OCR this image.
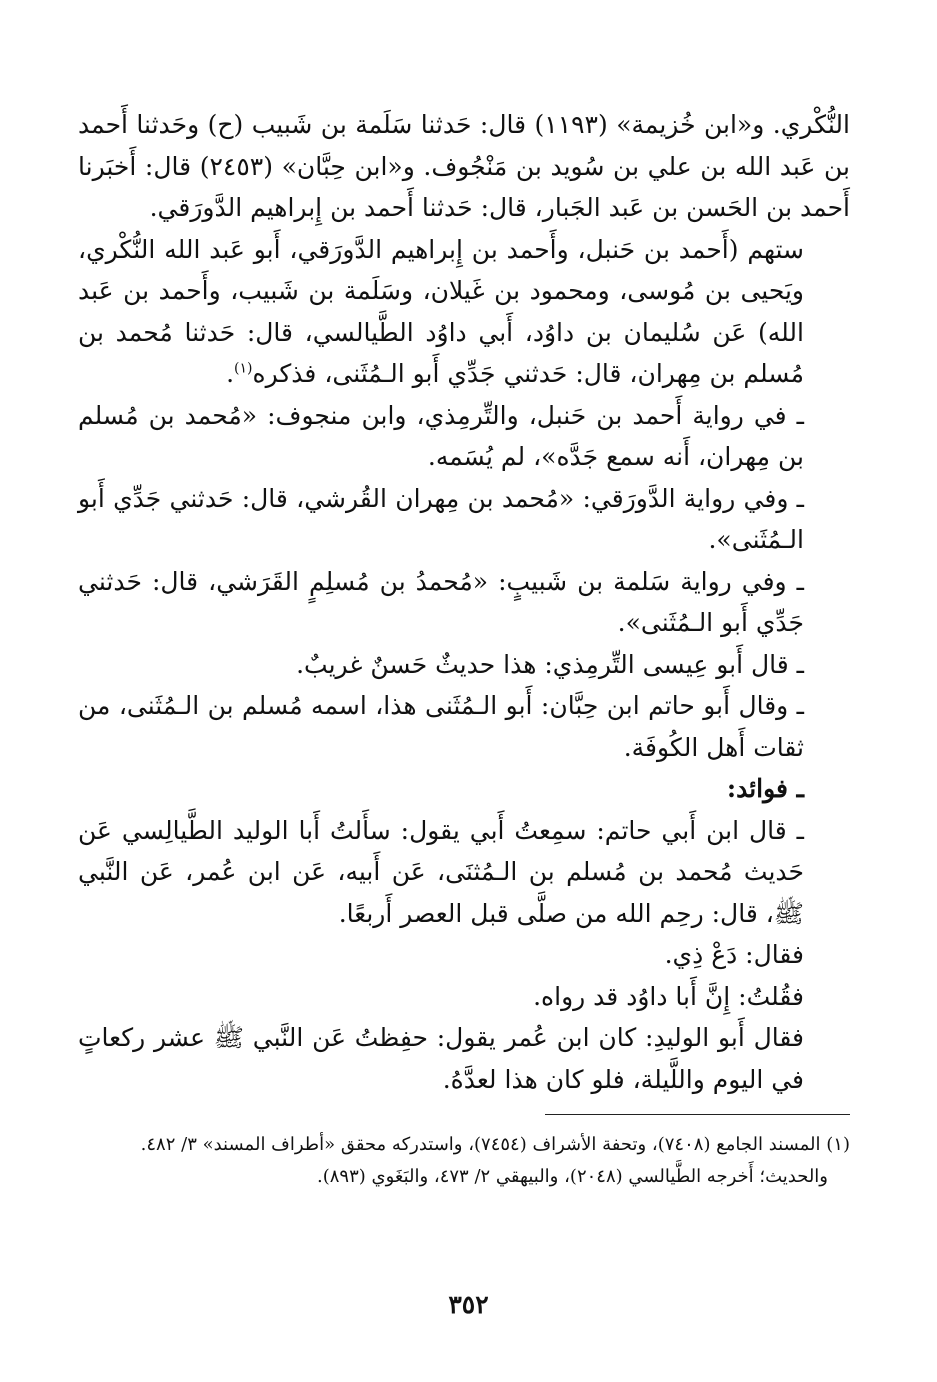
النُّكْري. و«ابن خُزيمة» (١١٩٣) قال: حَدثنا سَلَمة بن شَبيب (ح) وحَدثنا أَحمد بن عَبد الله بن علي بن سُويد بن مَنْجُوف. و«ابن حِبَّان» (٢٤٥٣) قال: أَخبَرنا أَحمد بن الحَسن بن عَبد الجَبار، قال: حَدثنا أَحمد بن إِبراهيم الدَّورَقي.

ستهم (أَحمد بن حَنبل، وأَحمد بن إِبراهيم الدَّورَقي، أَبو عَبد الله النُّكْري، ويَحيى بن مُوسى، ومحمود بن غَيلان، وسَلَمة بن شَبيب، وأَحمد بن عَبد الله) عَن سُليمان بن داوُد، أَبي داوُد الطَّيالسي، قال: حَدثنا مُحمد بن مُسلم بن مِهران، قال: حَدثني جَدِّي أَبو الـمُثَنى، فذكره$^{(١)}$.

ـ في رواية أَحمد بن حَنبل، والتِّرمِذي، وابن منجوف: «مُحمد بن مُسلم بن مِهران، أَنه سمع جَدَّه»، لم يُسَمه.

ـ وفي رواية الدَّورَقي: «مُحمد بن مِهران القُرشي، قال: حَدثني جَدِّي أَبو الـمُثَنى».

ـ وفي رواية سَلمة بن شَبيبٍ: «مُحمدُ بن مُسلِمٍ القَرَشي، قال: حَدثني جَدِّي أَبو الـمُثَنى».

ـ قال أَبو عِيسى التِّرمِذي: هذا حديثٌ حَسنٌ غريبٌ.

ـ وقال أَبو حاتم ابن حِبَّان: أَبو الـمُثَنى هذا، اسمه مُسلم بن الـمُثَنى، من ثقات أَهل الكُوفَة.

ـ فوائد:

ـ قال ابن أَبي حاتم: سمِعتُ أَبي يقول: سأَلتُ أَبا الوليد الطَّيالِسي عَن حَديث مُحمد بن مُسلم بن الـمُثنَى، عَن أَبيه، عَن ابن عُمر، عَن النَّبي ﷺ، قال: رحِم الله من صلَّى قبل العصر أَربعًا.

فقال: دَعْ ذِي.

فقُلتُ: إِنَّ أَبا داوُد قد رواه.

فقال أَبو الوليدِ: كان ابن عُمر يقول: حفِظتُ عَن النَّبي ﷺ عشر ركعاتٍ في اليوم واللَّيلة، فلو كان هذا لعدَّهُ.

(١) المسند الجامع (٧٤٠٨)، وتحفة الأشراف (٧٤٥٤)، واستدركه محقق «أطراف المسند» ٣/ ٤٨٢.

والحديث؛ أَخرجه الطَّيالسي (٢٠٤٨)، والبيهقي ٢/ ٤٧٣، والبَغَوي (٨٩٣).

٣٥٢
